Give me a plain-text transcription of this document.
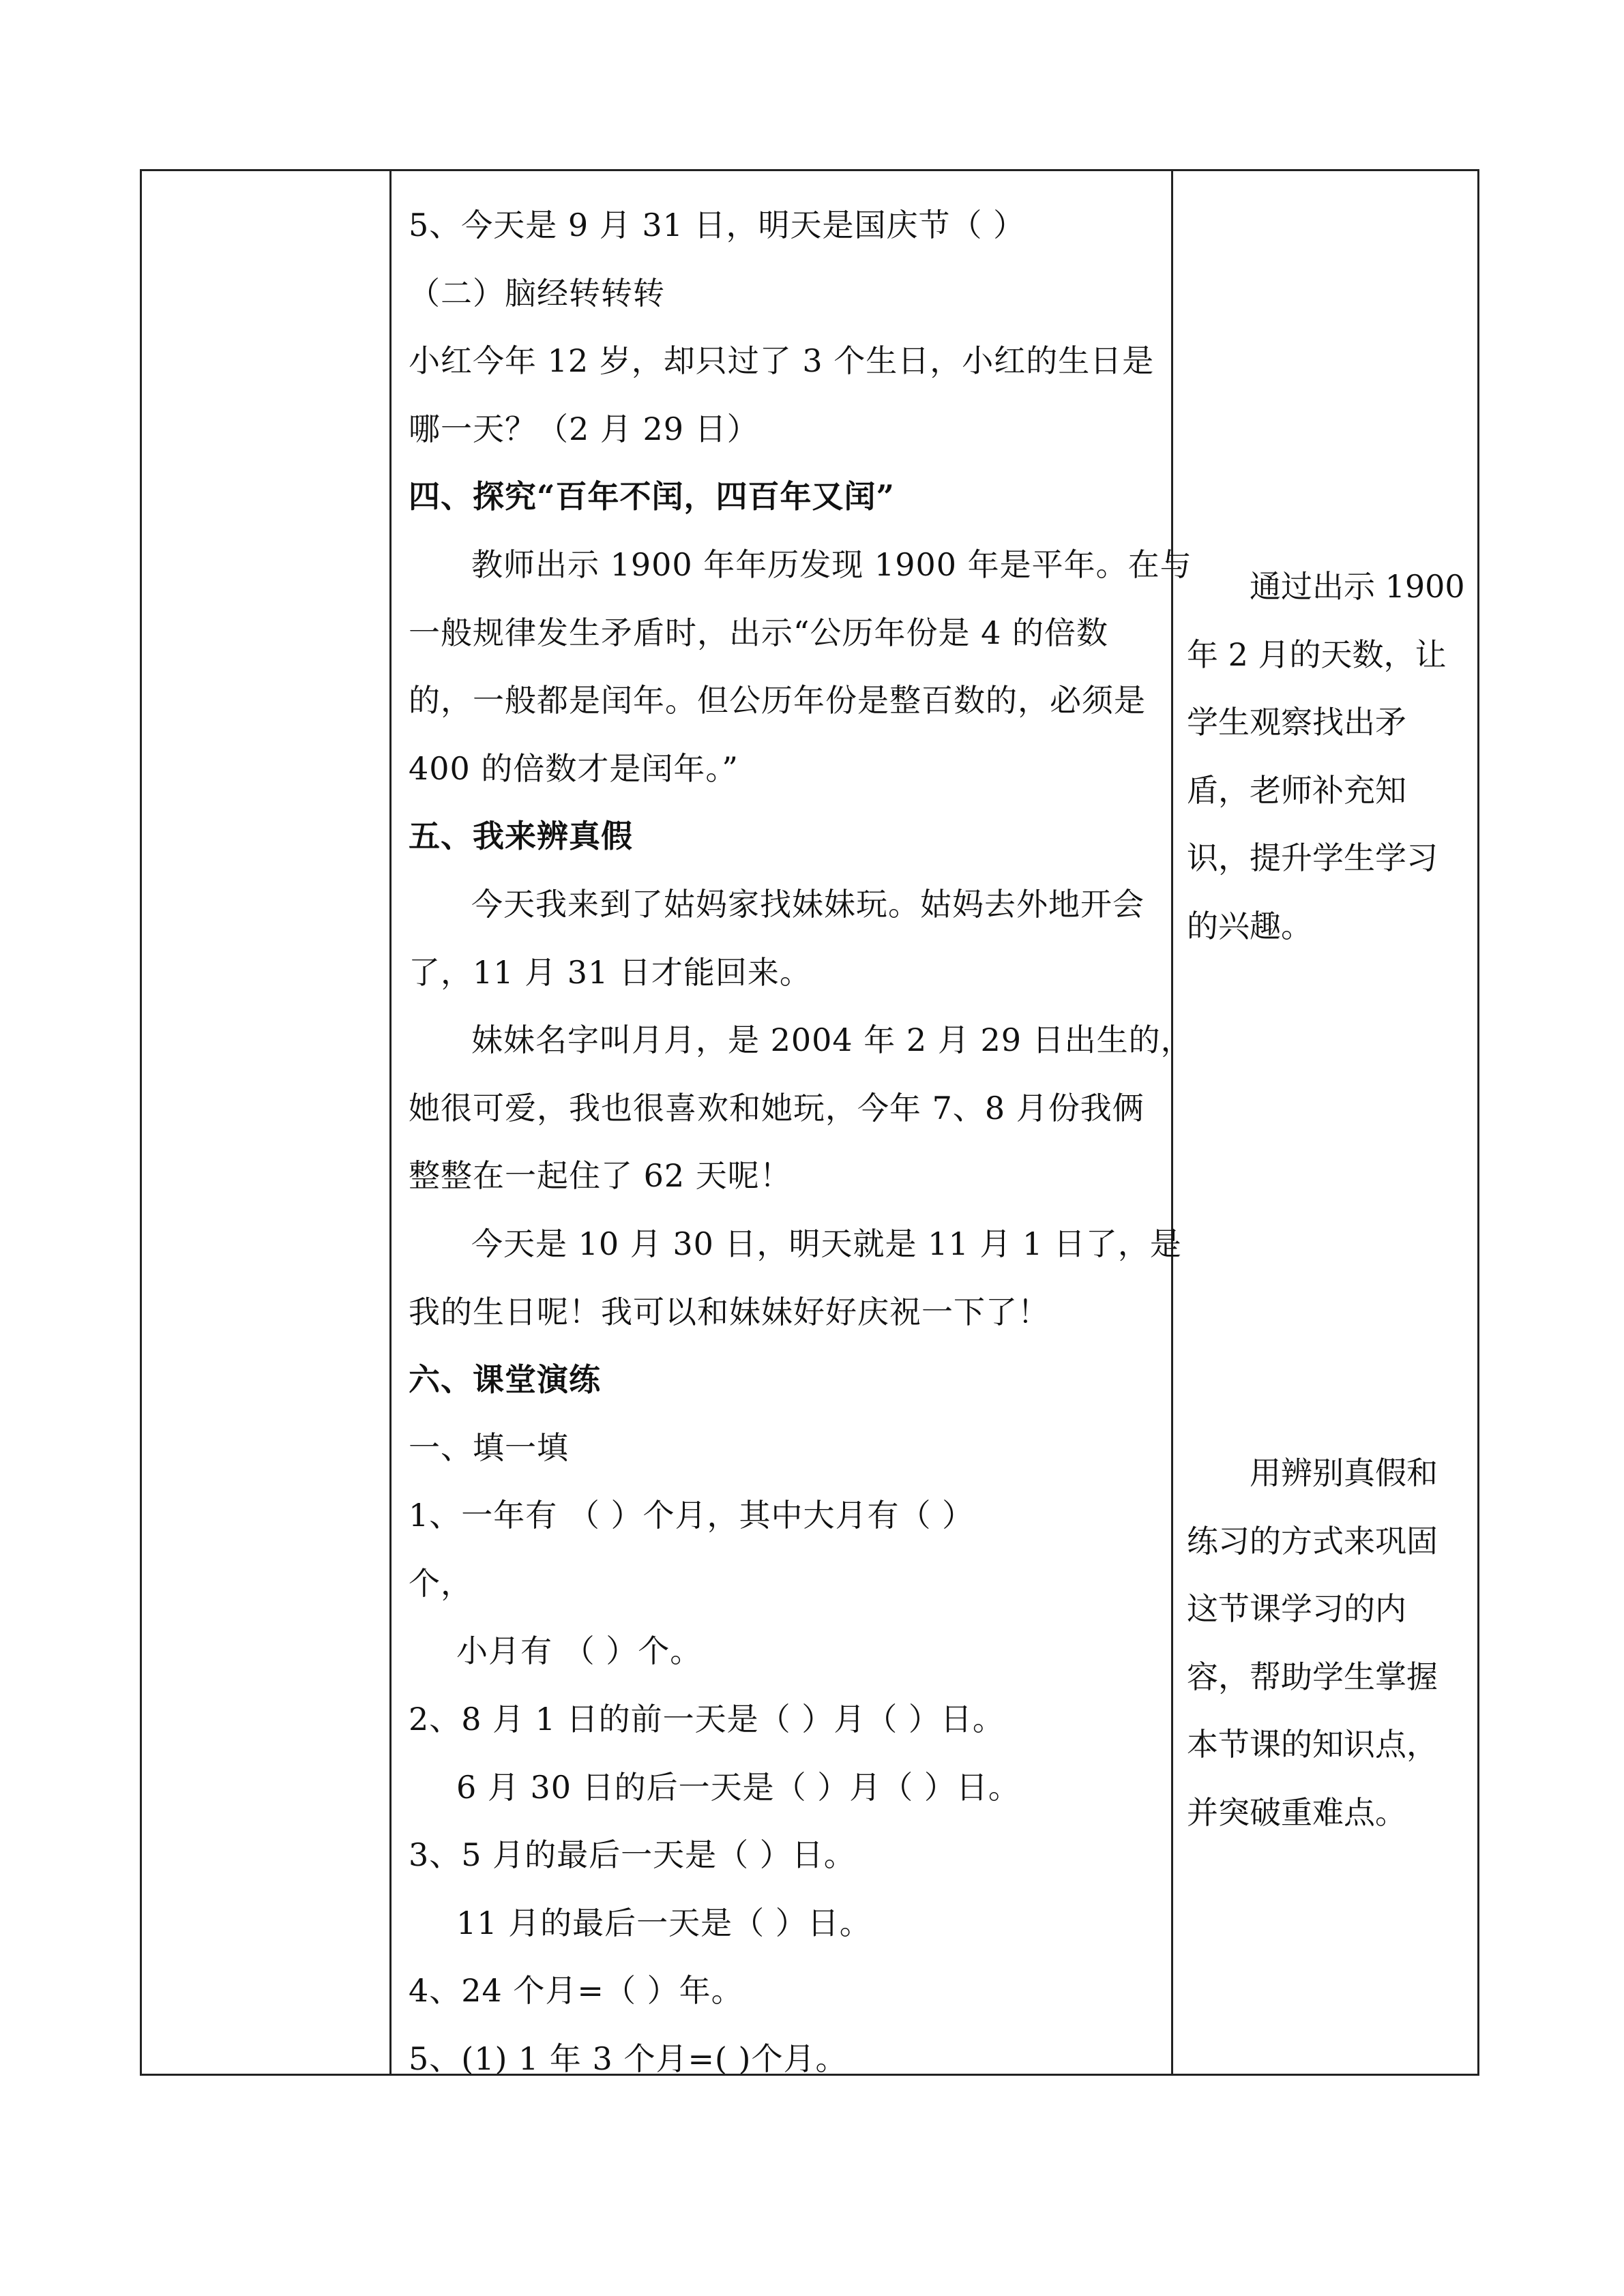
5、今天是 9 月 31 日，明天是国庆节（ ）
（二）脑经转转转
小红今年 12 岁，却只过了 3 个生日，小红的生日是
哪一天？（2 月 29 日）
四、探究“百年不闰，四百年又闰”
教师出示 1900 年年历发现 1900 年是平年。在与
一般规律发生矛盾时，出示“公历年份是 4 的倍数
的，一般都是闰年。但公历年份是整百数的，必须是
400 的倍数才是闰年。”
五、我来辨真假
今天我来到了姑妈家找妹妹玩。姑妈去外地开会
了，11 月 31 日才能回来。
妹妹名字叫月月，是 2004 年 2 月 29 日出生的，
她很可爱，我也很喜欢和她玩，今年 7、8 月份我俩
整整在一起住了 62 天呢！
今天是 10 月 30 日，明天就是 11 月 1 日了，是
我的生日呢！我可以和妹妹好好庆祝一下了！
六、课堂演练
一、填一填
1、一年有 （ ）个月，其中大月有（ ）
个，
小月有 （ ）个。
2、8 月 1 日的前一天是（ ）月（ ）日。
6 月 30 日的后一天是（ ）月（ ）日。
3、5 月的最后一天是（ ）日。
11 月的最后一天是（ ）日。
4、24 个月=（ ）年。
5、(1) 1 年 3 个月=( )个月。
通过出示 1900
年 2 月的天数，让
学生观察找出矛
盾，老师补充知
识，提升学生学习
的兴趣。
用辨别真假和
练习的方式来巩固
这节课学习的内
容，帮助学生掌握
本节课的知识点，
并突破重难点。
